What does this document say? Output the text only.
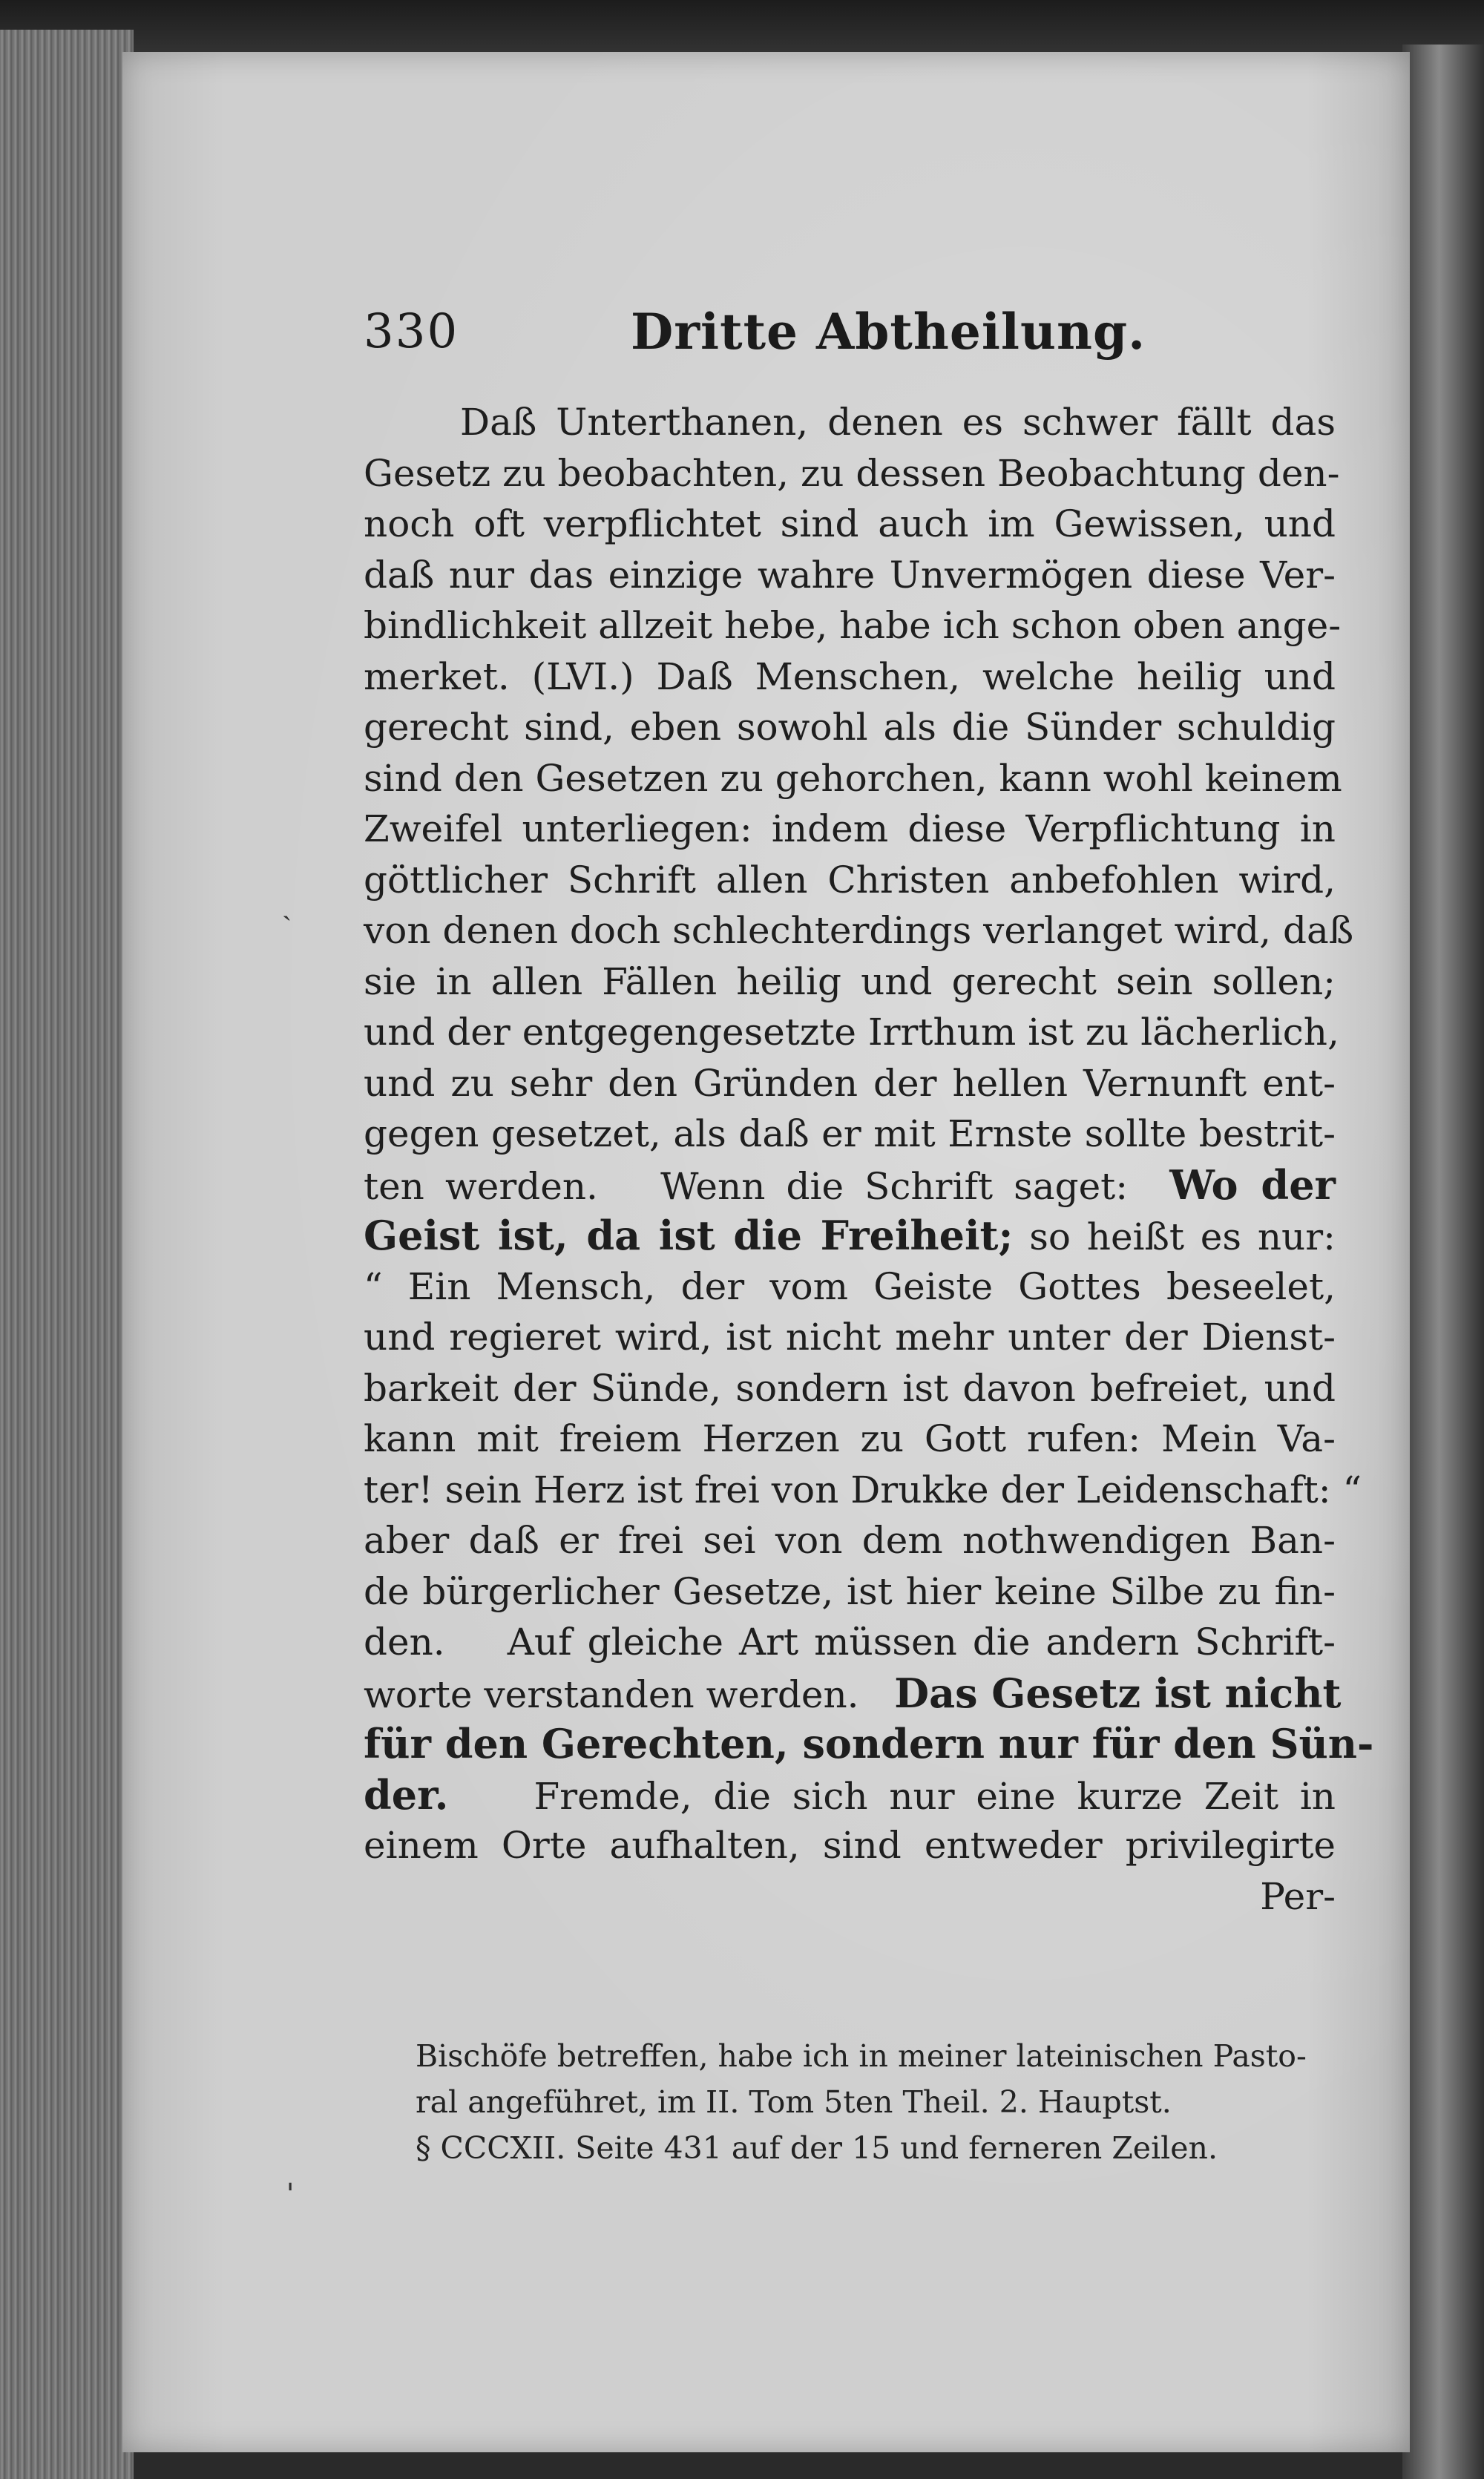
330	Dritte Abtheilung.
Daß Unterthanen, denen es schwer fällt das
Gesetz zu beobachten, zu dessen Beobachtung den-
noch oft verpflichtet sind auch im Gewissen, und
daß nur das einzige wahre Unvermögen diese Ver-
bindlichkeit allzeit hebe, habe ich schon oben ange-
merket. (LVI.) Daß Menschen, welche heilig und
gerecht sind, eben sowohl als die Sünder schuldig
sind den Gesetzen zu gehorchen, kann wohl keinem
Zweifel unterliegen: indem diese Verpflichtung in
göttlicher Schrift allen Christen anbefohlen wird,
von denen doch schlechterdings verlanget wird, daß
sie in allen Fällen heilig und gerecht sein sollen;
und der entgegengesetzte Irrthum ist zu lächerlich,
und zu sehr den Gründen der hellen Vernunft ent-
gegen gesetzet, als daß er mit Ernste sollte bestrit-
ten werden. Wenn die Schrift saget: Wo der
Geist ist, da ist die Freiheit; so heißt es nur:
“ Ein Mensch, der vom Geiste Gottes beseelet,
und regieret wird, ist nicht mehr unter der Dienst-
barkeit der Sünde, sondern ist davon befreiet, und
kann mit freiem Herzen zu Gott rufen: Mein Va-
ter! sein Herz ist frei von Drukke der Leidenschaft: “
aber daß er frei sei von dem nothwendigen Ban-
de bürgerlicher Gesetze, ist hier keine Silbe zu fin-
den. Auf gleiche Art müssen die andern Schrift-
worte verstanden werden. Das Gesetz ist nicht
für den Gerechten, sondern nur für den Sün-
der. Fremde, die sich nur eine kurze Zeit in
einem Orte aufhalten, sind entweder privilegirte
Per-
Bischöfe betreffen, habe ich in meiner lateinischen Pasto-
ral angeführet, im II. Tom 5ten Theil. 2. Hauptst.
§ CCCXII. Seite 431 auf der 15 und ferneren Zeilen.
ˏ
ˈ
